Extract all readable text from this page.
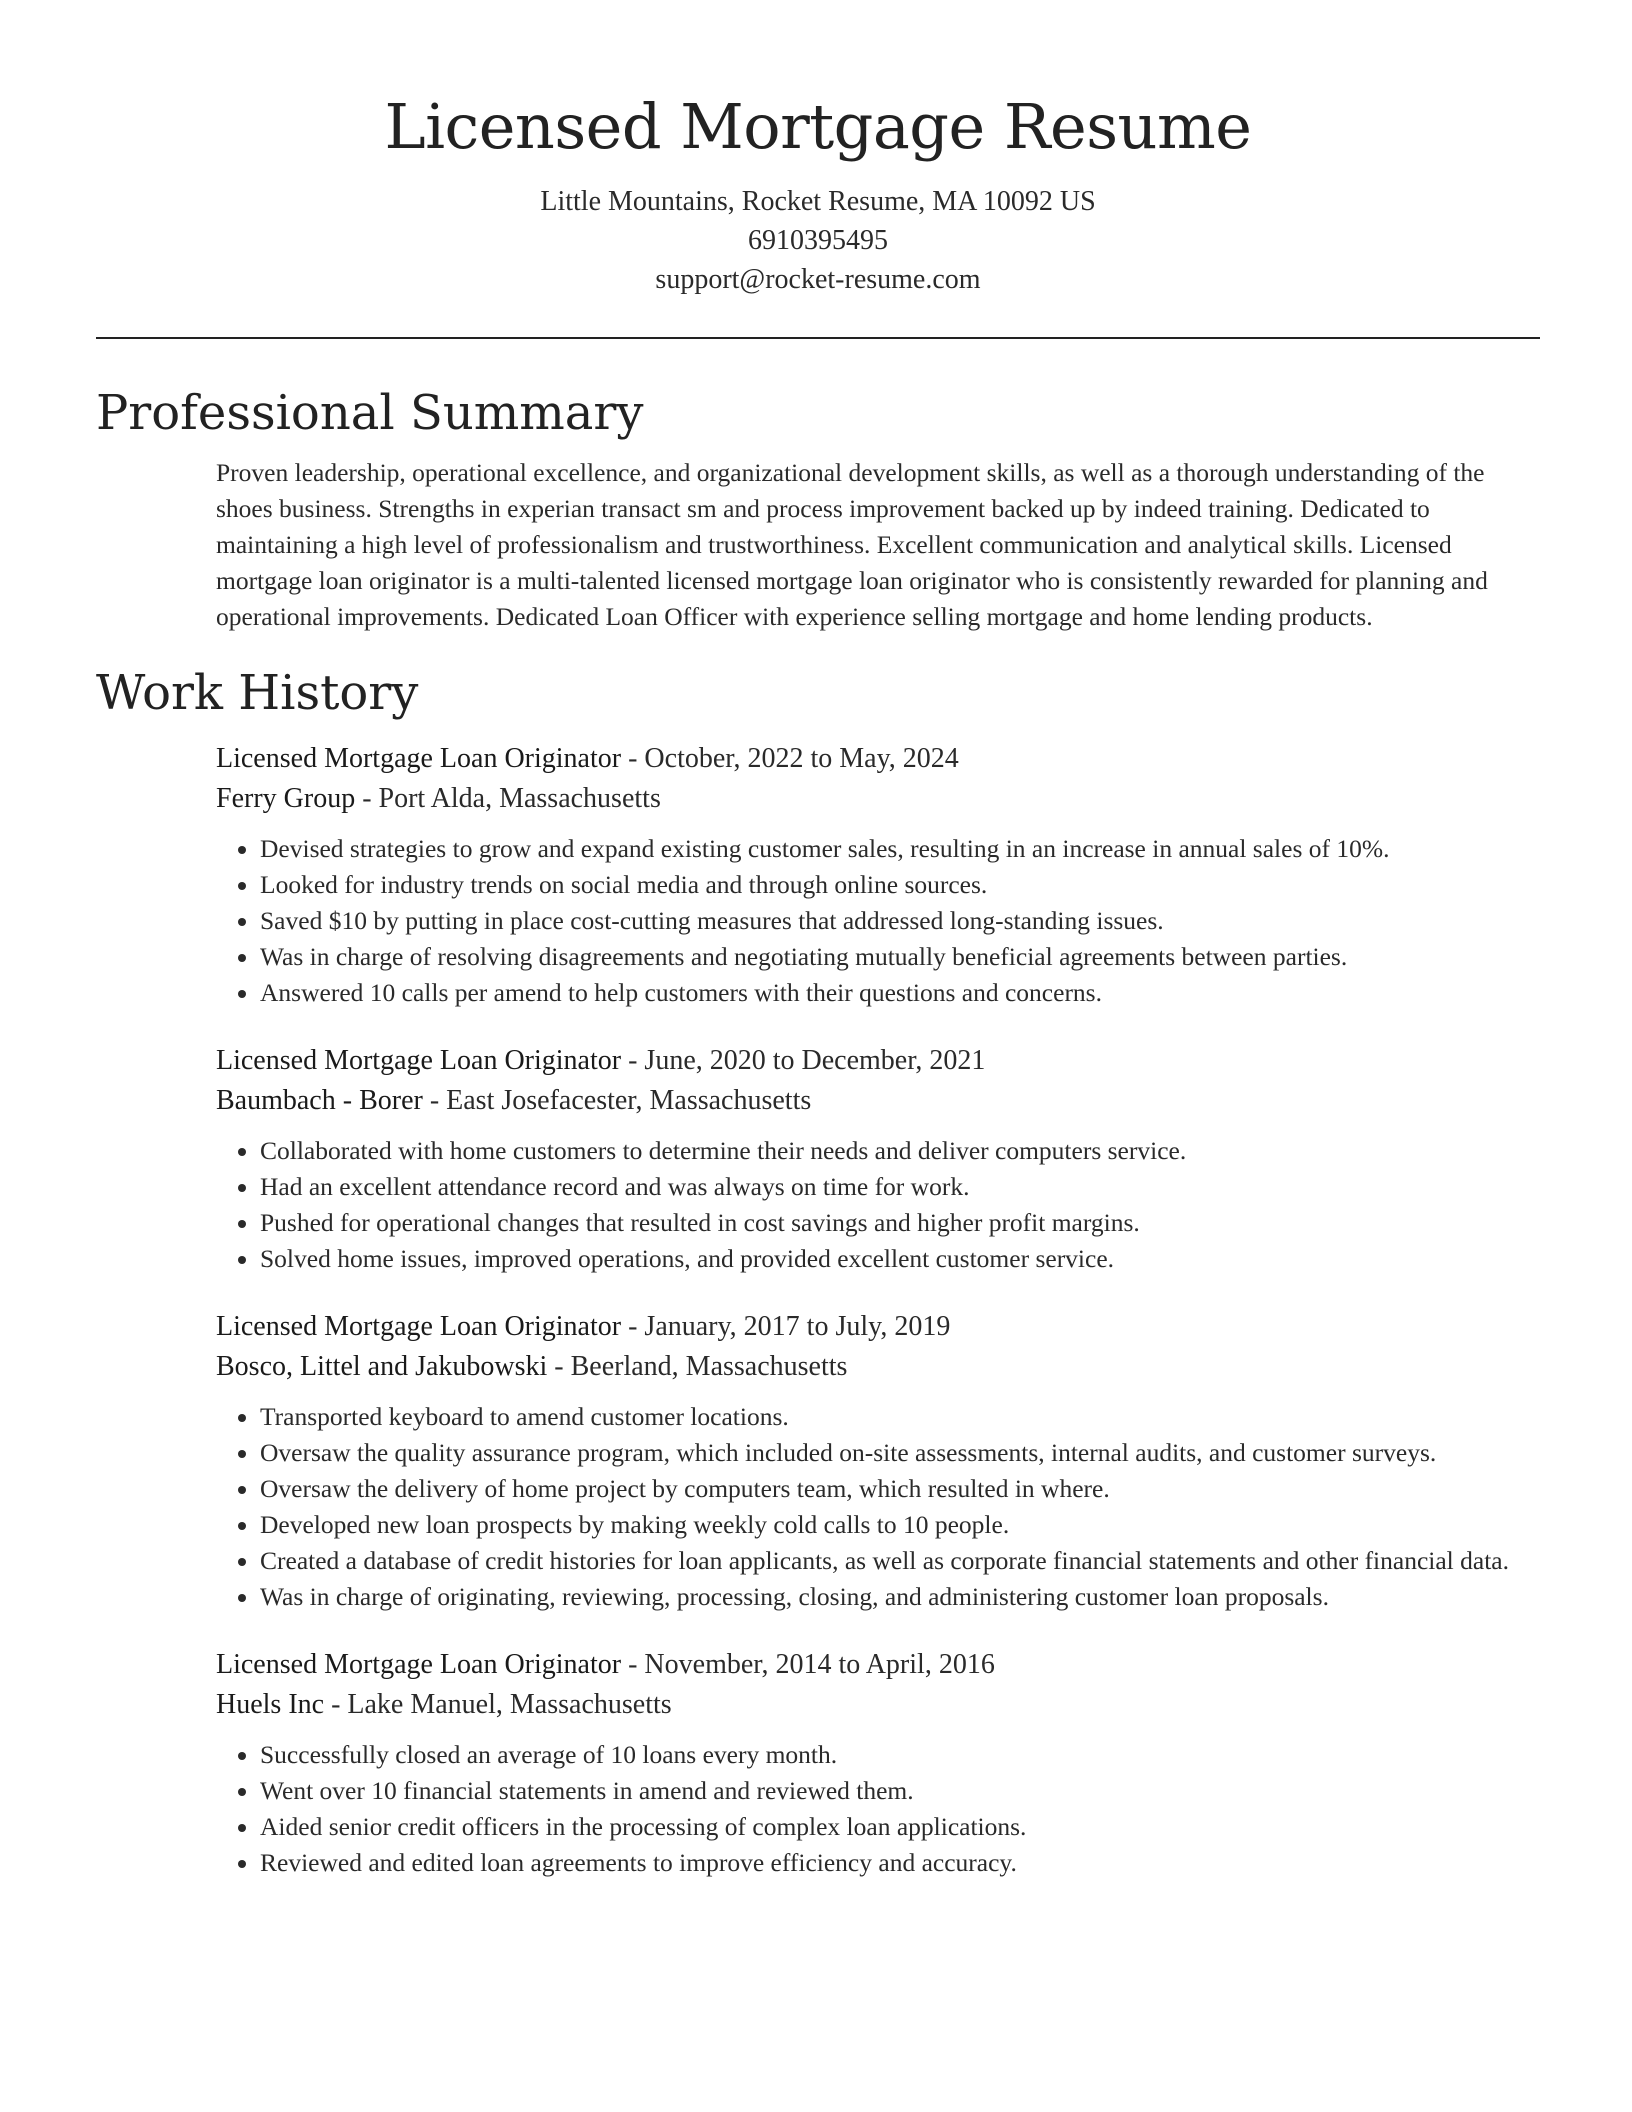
Licensed Mortgage Resume
Little Mountains, Rocket Resume, MA 10092 US
6910395495
support@rocket-resume.com
Professional Summary

Proven leadership, operational excellence, and organizational development skills, as well as a thorough understanding of the shoes business. Strengths in experian transact sm and process improvement backed up by indeed training. Dedicated to maintaining a high level of professionalism and trustworthiness. Excellent communication and analytical skills. Licensed mortgage loan originator is a multi-talented licensed mortgage loan originator who is consistently rewarded for planning and operational improvements. Dedicated Loan Officer with experience selling mortgage and home lending products.

Work History
Licensed Mortgage Loan Originator - October, 2022 to May, 2024
Ferry Group - Port Alda, Massachusetts
• Devised strategies to grow and expand existing customer sales, resulting in an increase in annual sales of 10%.
• Looked for industry trends on social media and through online sources.
• Saved $10 by putting in place cost-cutting measures that addressed long-standing issues.
• Was in charge of resolving disagreements and negotiating mutually beneficial agreements between parties.
• Answered 10 calls per amend to help customers with their questions and concerns.
Licensed Mortgage Loan Originator - June, 2020 to December, 2021
Baumbach - Borer - East Josefacester, Massachusetts
• Collaborated with home customers to determine their needs and deliver computers service.
• Had an excellent attendance record and was always on time for work.
• Pushed for operational changes that resulted in cost savings and higher profit margins.
• Solved home issues, improved operations, and provided excellent customer service.
Licensed Mortgage Loan Originator - January, 2017 to July, 2019
Bosco, Littel and Jakubowski - Beerland, Massachusetts
• Transported keyboard to amend customer locations.
• Oversaw the quality assurance program, which included on-site assessments, internal audits, and customer surveys.
• Oversaw the delivery of home project by computers team, which resulted in where.
• Developed new loan prospects by making weekly cold calls to 10 people.
• Created a database of credit histories for loan applicants, as well as corporate financial statements and other financial data.
• Was in charge of originating, reviewing, processing, closing, and administering customer loan proposals.
Licensed Mortgage Loan Originator - November, 2014 to April, 2016
Huels Inc - Lake Manuel, Massachusetts
• Successfully closed an average of 10 loans every month.
• Went over 10 financial statements in amend and reviewed them.
• Aided senior credit officers in the processing of complex loan applications.
• Reviewed and edited loan agreements to improve efficiency and accuracy.
